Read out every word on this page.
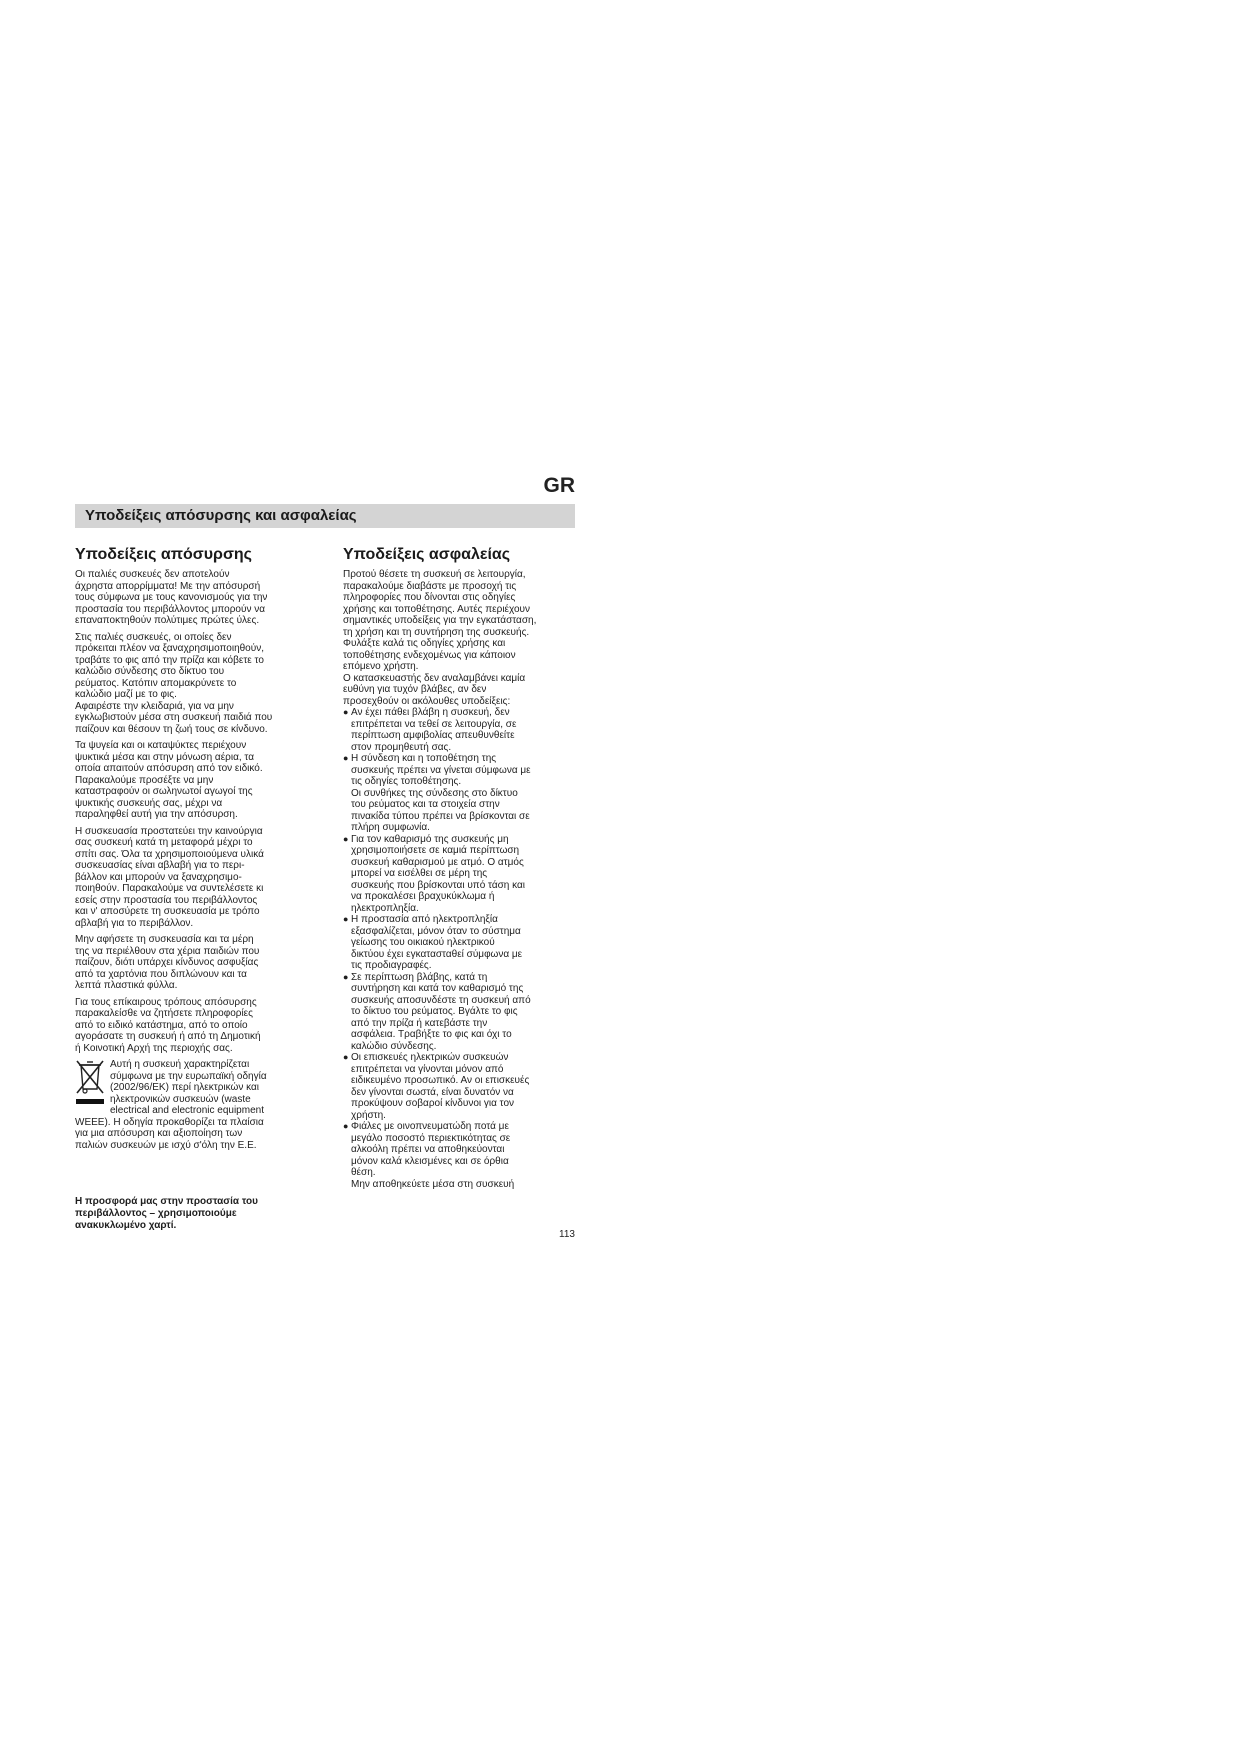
GR
Υποδείξεις απόσυρσης και ασφαλείας
Υποδείξεις απόσυρσης
Οι παλιές συσκευές δεν αποτελούν
άχρηστα απορρίμματα! Με την απόσυρσή
τους σύμφωνα με τους κανονισμούς για την
προστασία του περιβάλλοντος μπορούν να
επαναποκτηθούν πολύτιμες πρώτες ύλες.
Στις παλιές συσκευές, οι οποίες δεν
πρόκειται πλέον να ξαναχρησιμοποιηθούν,
τραβάτε το φις από την πρίζα και κόβετε το
καλώδιο σύνδεσης στο δίκτυο του
ρεύματος. Κατόπιν απομακρύνετε το
καλώδιο μαζί με το φις.
Αφαιρέστε την κλειδαριά, για να μην
εγκλωβιστούν μέσα στη συσκευή παιδιά που
παίζουν και θέσουν τη ζωή τους σε κίνδυνο.
Τα ψυγεία και οι καταψύκτες περιέχουν
ψυκτικά μέσα και στην μόνωση αέρια, τα
οποία απαιτούν απόσυρση από τον ειδικό.
Παρακαλούμε προσέξτε να μην
καταστραφούν οι σωληνωτοί αγωγοί της
ψυκτικής συσκευής σας, μέχρι να
παραληφθεί αυτή για την απόσυρση.
Η συσκευασία προστατεύει την καινούργια
σας συσκευή κατά τη μεταφορά μέχρι το
σπίτι σας. Όλα τα χρησιμοποιούμενα υλικά
συσκευασίας είναι αβλαβή για το περι-
βάλλον και μπορούν να ξαναχρησιμο-
ποιηθούν. Παρακαλούμε να συντελέσετε κι
εσείς στην προστασία του περιβάλλοντος
και ν' αποσύρετε τη συσκευασία με τρόπο
αβλαβή για το περιβάλλον.
Μην αφήσετε τη συσκευασία και τα μέρη
της να περιέλθουν στα χέρια παιδιών που
παίζουν, διότι υπάρχει κίνδυνος ασφυξίας
από τα χαρτόνια που διπλώνουν και τα
λεπτά πλαστικά φύλλα.
Για τους επίκαιρους τρόπους απόσυρσης
παρακαλείσθε να ζητήσετε πληροφορίες
από το ειδικό κατάστημα, από το οποίο
αγοράσατε τη συσκευή ή από τη Δημοτική
ή Κοινοτική Αρχή της περιοχής σας.
Αυτή η συσκευή χαρακτηρίζεται
σύμφωνα με την ευρωπαϊκή οδηγία
(2002/96/ΕΚ) περί ηλεκτρικών και
ηλεκτρονικών συσκευών (waste
electrical and electronic equipment
WEEE). Η οδηγία προκαθορίζει τα πλαίσια
για μια απόσυρση και αξιοποίηση των
παλιών συσκευών με ισχύ σ'όλη την Ε.Ε.
Η προσφορά μας στην προστασία του
περιβάλλοντος – χρησιμοποιούμε
ανακυκλωμένο χαρτί.
Υποδείξεις ασφαλείας
Προτού θέσετε τη συσκευή σε λειτουργία,
παρακαλούμε διαβάστε με προσοχή τις
πληροφορίες που δίνονται στις οδηγίες
χρήσης και τοποθέτησης. Αυτές περιέχουν
σημαντικές υποδείξεις για την εγκατάσταση,
τη χρήση και τη συντήρηση της συσκευής.
Φυλάξτε καλά τις οδηγίες χρήσης και
τοποθέτησης ενδεχομένως για κάποιον
επόμενο χρήστη.
Ο κατασκευαστής δεν αναλαμβάνει καμία
ευθύνη για τυχόν βλάβες, αν δεν
προσεχθούν οι ακόλουθες υποδείξεις:
● Αν έχει πάθει βλάβη η συσκευή, δεν
επιτρέπεται να τεθεί σε λειτουργία, σε
περίπτωση αμφιβολίας απευθυνθείτε
στον προμηθευτή σας.
● Η σύνδεση και η τοποθέτηση της
συσκευής πρέπει να γίνεται σύμφωνα με
τις οδηγίες τοποθέτησης.
Οι συνθήκες της σύνδεσης στο δίκτυο
του ρεύματος και τα στοιχεία στην
πινακίδα τύπου πρέπει να βρίσκονται σε
πλήρη συμφωνία.
● Για τον καθαρισμό της συσκευής μη
χρησιμοποιήσετε σε καμιά περίπτωση
συσκευή καθαρισμού με ατμό. Ο ατμός
μπορεί να εισέλθει σε μέρη της
συσκευής που βρίσκονται υπό τάση και
να προκαλέσει βραχυκύκλωμα ή
ηλεκτροπληξία.
● Η προστασία από ηλεκτροπληξία
εξασφαλίζεται, μόνον όταν το σύστημα
γείωσης του οικιακού ηλεκτρικού
δικτύου έχει εγκατασταθεί σύμφωνα με
τις προδιαγραφές.
● Σε περίπτωση βλάβης, κατά τη
συντήρηση και κατά τον καθαρισμό της
συσκευής αποσυνδέστε τη συσκευή από
το δίκτυο του ρεύματος. Βγάλτε το φις
από την πρίζα ή κατεβάστε την
ασφάλεια. Τραβήξτε το φις και όχι το
καλώδιο σύνδεσης.
● Οι επισκευές ηλεκτρικών συσκευών
επιτρέπεται να γίνονται μόνον από
ειδικευμένο προσωπικό. Αν οι επισκευές
δεν γίνονται σωστά, είναι δυνατόν να
προκύψουν σοβαροί κίνδυνοι για τον
χρήστη.
● Φιάλες με οινοπνευματώδη ποτά με
μεγάλο ποσοστό περιεκτικότητας σε
αλκοόλη πρέπει να αποθηκεύονται
μόνον καλά κλεισμένες και σε όρθια
θέση.
Μην αποθηκεύετε μέσα στη συσκευή
113
